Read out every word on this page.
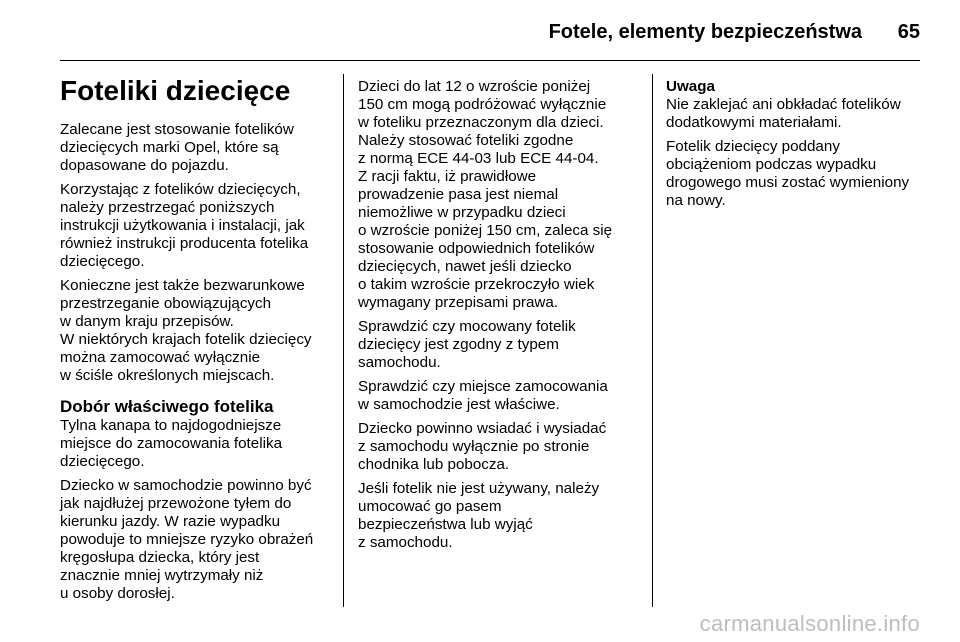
Fotele, elementy bezpieczeństwa 65
Foteliki dziecięce

Zalecane jest stosowanie fotelików
dziecięcych marki Opel, które są
dopasowane do pojazdu.

Korzystając z fotelików dziecięcych,
należy przestrzegać poniższych
instrukcji użytkowania i instalacji, jak
również instrukcji producenta fotelika
dziecięcego.

Konieczne jest także bezwarunkowe
przestrzeganie obowiązujących
w danym kraju przepisów.
W niektórych krajach fotelik dziecięcy
można zamocować wyłącznie
w ściśle określonych miejscach.

Dobór właściwego fotelika

Tylna kanapa to najdogodniejsze
miejsce do zamocowania fotelika
dziecięcego.

Dziecko w samochodzie powinno być
jak najdłużej przewożone tyłem do
kierunku jazdy. W razie wypadku
powoduje to mniejsze ryzyko obrażeń
kręgosłupa dziecka, który jest
znacznie mniej wytrzymały niż
u osoby dorosłej.

Dzieci do lat 12 o wzroście poniżej
150 cm mogą podróżować wyłącznie
w foteliku przeznaczonym dla dzieci.
Należy stosować foteliki zgodne
z normą ECE 44-03 lub ECE 44-04.
Z racji faktu, iż prawidłowe
prowadzenie pasa jest niemal
niemożliwe w przypadku dzieci
o wzroście poniżej 150 cm, zaleca się
stosowanie odpowiednich fotelików
dziecięcych, nawet jeśli dziecko
o takim wzroście przekroczyło wiek
wymagany przepisami prawa.

Sprawdzić czy mocowany fotelik
dziecięcy jest zgodny z typem
samochodu.

Sprawdzić czy miejsce zamocowania
w samochodzie jest właściwe.

Dziecko powinno wsiadać i wysiadać
z samochodu wyłącznie po stronie
chodnika lub pobocza.

Jeśli fotelik nie jest używany, należy
umocować go pasem
bezpieczeństwa lub wyjąć
z samochodu.

Uwaga

Nie zaklejać ani obkładać fotelików
dodatkowymi materiałami.

Fotelik dziecięcy poddany
obciążeniom podczas wypadku
drogowego musi zostać wymieniony
na nowy.

carmanualsonline.info
